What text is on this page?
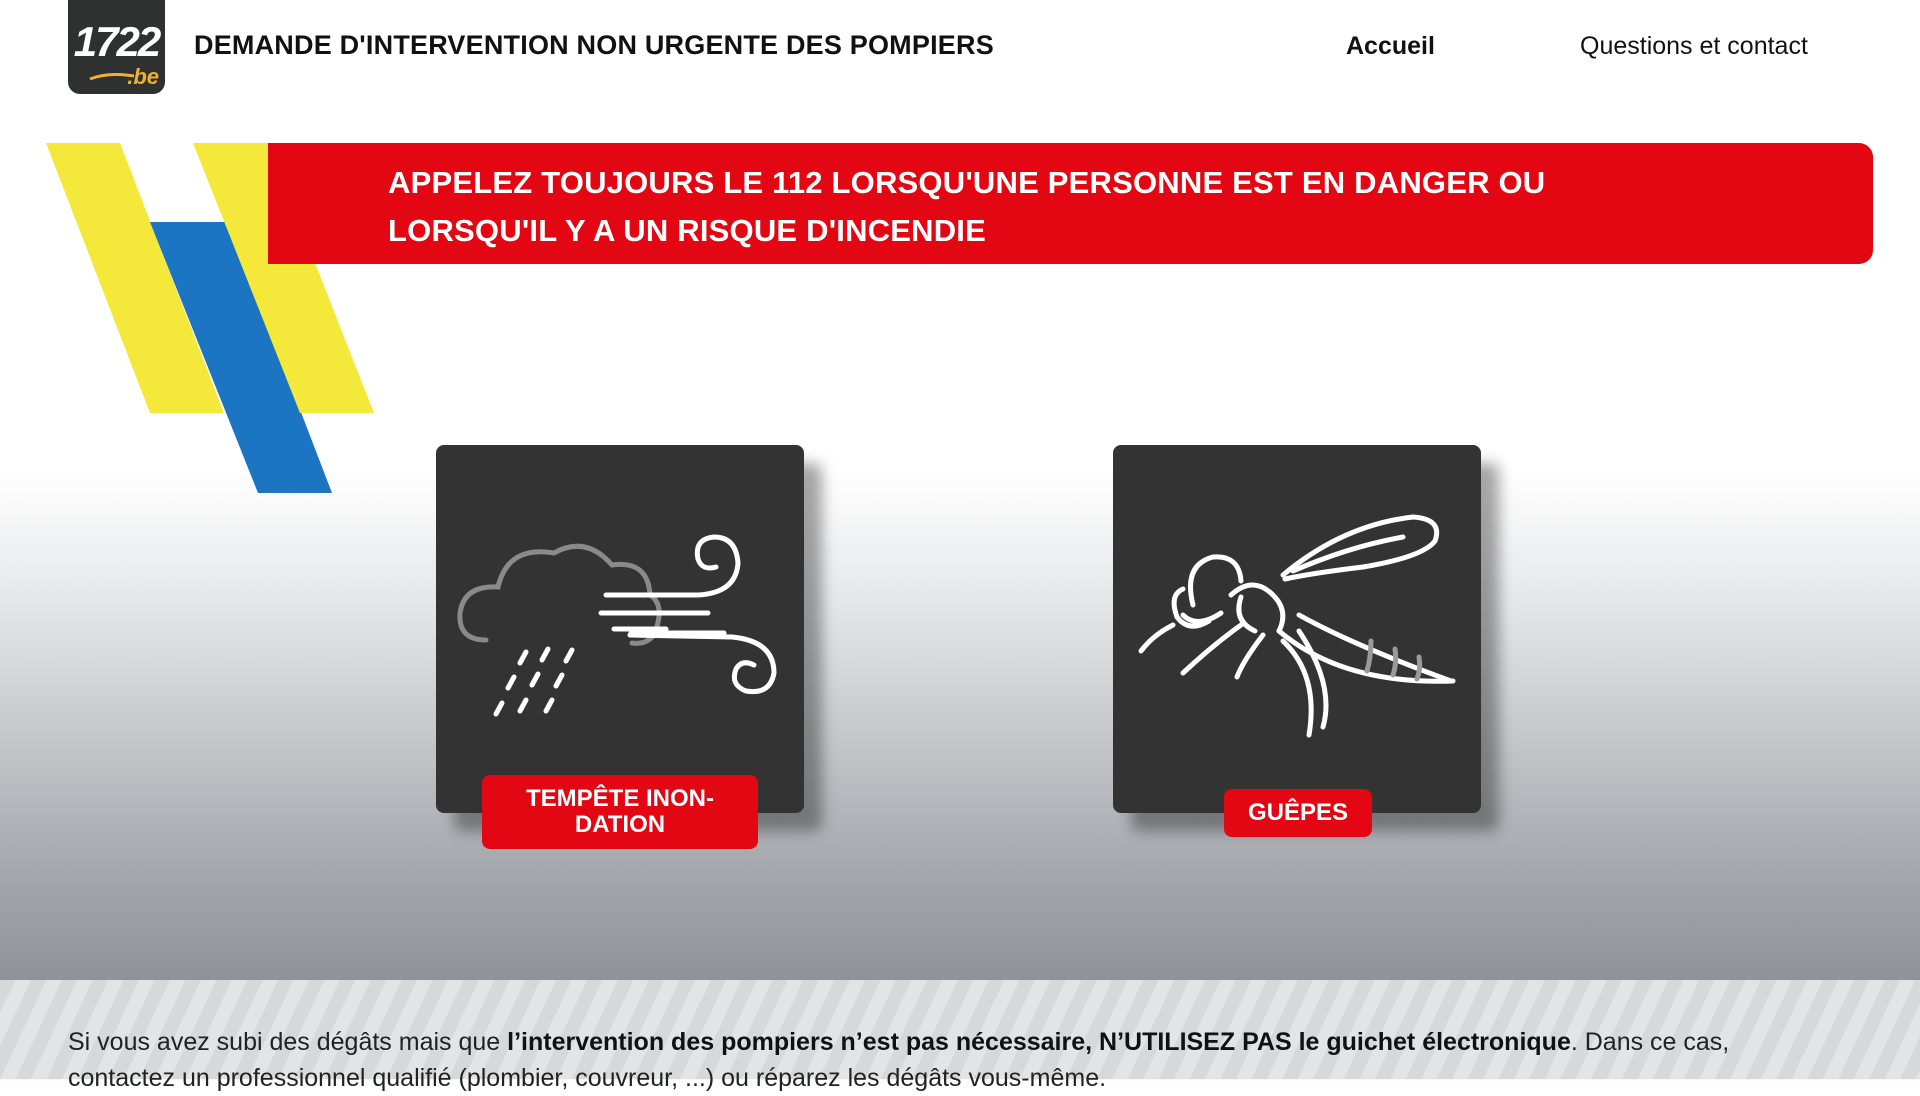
1722
.be
DEMANDE D'INTERVENTION NON URGENTE DES POMPIERS	Accueil	Questions et contact
APPELEZ TOUJOURS LE 112 LORSQU'UNE PERSONNE EST EN DANGER OU
LORSQU'IL Y A UN RISQUE D'INCENDIE
TEMPÊTE INON-
DATION	GUÊPES
Si vous avez subi des dégâts mais que l’intervention des pompiers n’est pas nécessaire, N’UTILISEZ PAS le guichet électronique. Dans ce cas,
contactez un professionnel qualifié (plombier, couvreur, ...) ou réparez les dégâts vous-même.
